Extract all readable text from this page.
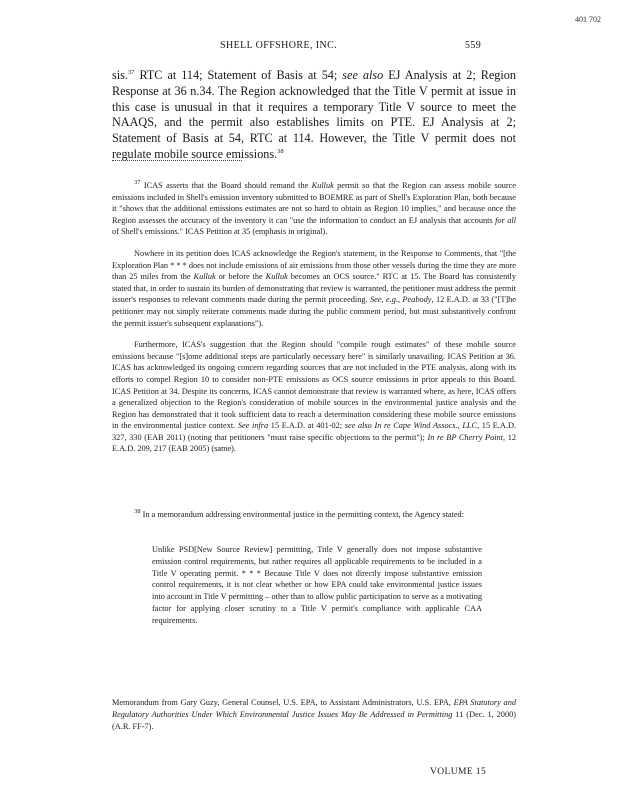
401 702
SHELL OFFSHORE, INC.	559
sis.$^{37}$ RTC at 114; Statement of Basis at 54; see also EJ Analysis at 2; Region Response at 36 n.34. The Region acknowledged that the Title V permit at issue in this case is unusual in that it requires a temporary Title V source to meet the NAAQS, and the permit also establishes limits on PTE. EJ Analysis at 2; Statement of Basis at 54, RTC at 114. However, the Title V permit does not regulate mobile source emissions.$^{38}$

$^{37}$ ICAS asserts that the Board should remand the Kulluk permit so that the Region can assess mobile source emissions included in Shell's emission inventory submitted to BOEMRE as part of Shell's Exploration Plan, both because it "shows that the additional emissions estimates are not so hard to obtain as Region 10 implies," and because once the Region assesses the accuracy of the inventory it can "use the information to conduct an EJ analysis that accounts for all of Shell's emissions." ICAS Petition at 35 (emphasis in original).

Nowhere in its petition does ICAS acknowledge the Region's statement, in the Response to Comments, that "[the Exploration Plan * * * does not include emissions of air emissions from those other vessels during the time they are more than 25 miles from the Kulluk or before the Kulluk becomes an OCS source." RTC at 15. The Board has consistently stated that, in order to sustain its burden of demonstrating that review is warranted, the petitioner must address the permit issuer's responses to relevant comments made during the permit proceeding. See, e.g., Peabody, 12 E.A.D. at 33 ("[T]he petitioner may not simply reiterate comments made during the public comment period, but must substantively confront the permit issuer's subsequent explanations").

Furthermore, ICAS's suggestion that the Region should "compile rough estimates" of these mobile source emissions because "[s]ome additional steps are particularly necessary here" is similarly unavailing. ICAS Petition at 36. ICAS has acknowledged its ongoing concern regarding sources that are not included in the PTE analysis, along with its efforts to compel Region 10 to consider non-PTE emissions as OCS source emissions in prior appeals to this Board. ICAS Petition at 34. Despite its concerns, ICAS cannot demonstrate that review is warranted where, as here, ICAS offers a generalized objection to the Region's consideration of mobile sources in the environmental justice analysis and the Region has demonstrated that it took sufficient data to reach a determination considering these mobile source emissions in the environmental justice context. See infra 15 E.A.D. at 401-02; see also In re Cape Wind Assocs., LLC, 15 E.A.D. 327, 330 (EAB 2011) (noting that petitioners "must raise specific objections to the permit"); In re BP Cherry Point, 12 E.A.D. 209, 217 (EAB 2005) (same).

$^{38}$ In a memorandum addressing environmental justice in the permitting context, the Agency stated:

Unlike PSD[New Source Review] permitting, Title V generally does not impose substantive emission control requirements, but rather requires all applicable requirements to be included in a Title V operating permit. * * * Because Title V does not directly impose substantive emission control requirements, it is not clear whether or how EPA could take environmental justice issues into account in Title V permitting – other than to allow public participation to serve as a motivating factor for applying closer scrutiny to a Title V permit's compliance with applicable CAA requirements.
Memorandum from Gary Guzy, General Counsel, U.S. EPA, to Assistant Administrators, U.S. EPA, EPA Statutory and Regulatory Authorities Under Which Environmental Justice Issues May Be Addressed in Permitting 11 (Dec. 1, 2000) (A.R. FF-7).
VOLUME 15
